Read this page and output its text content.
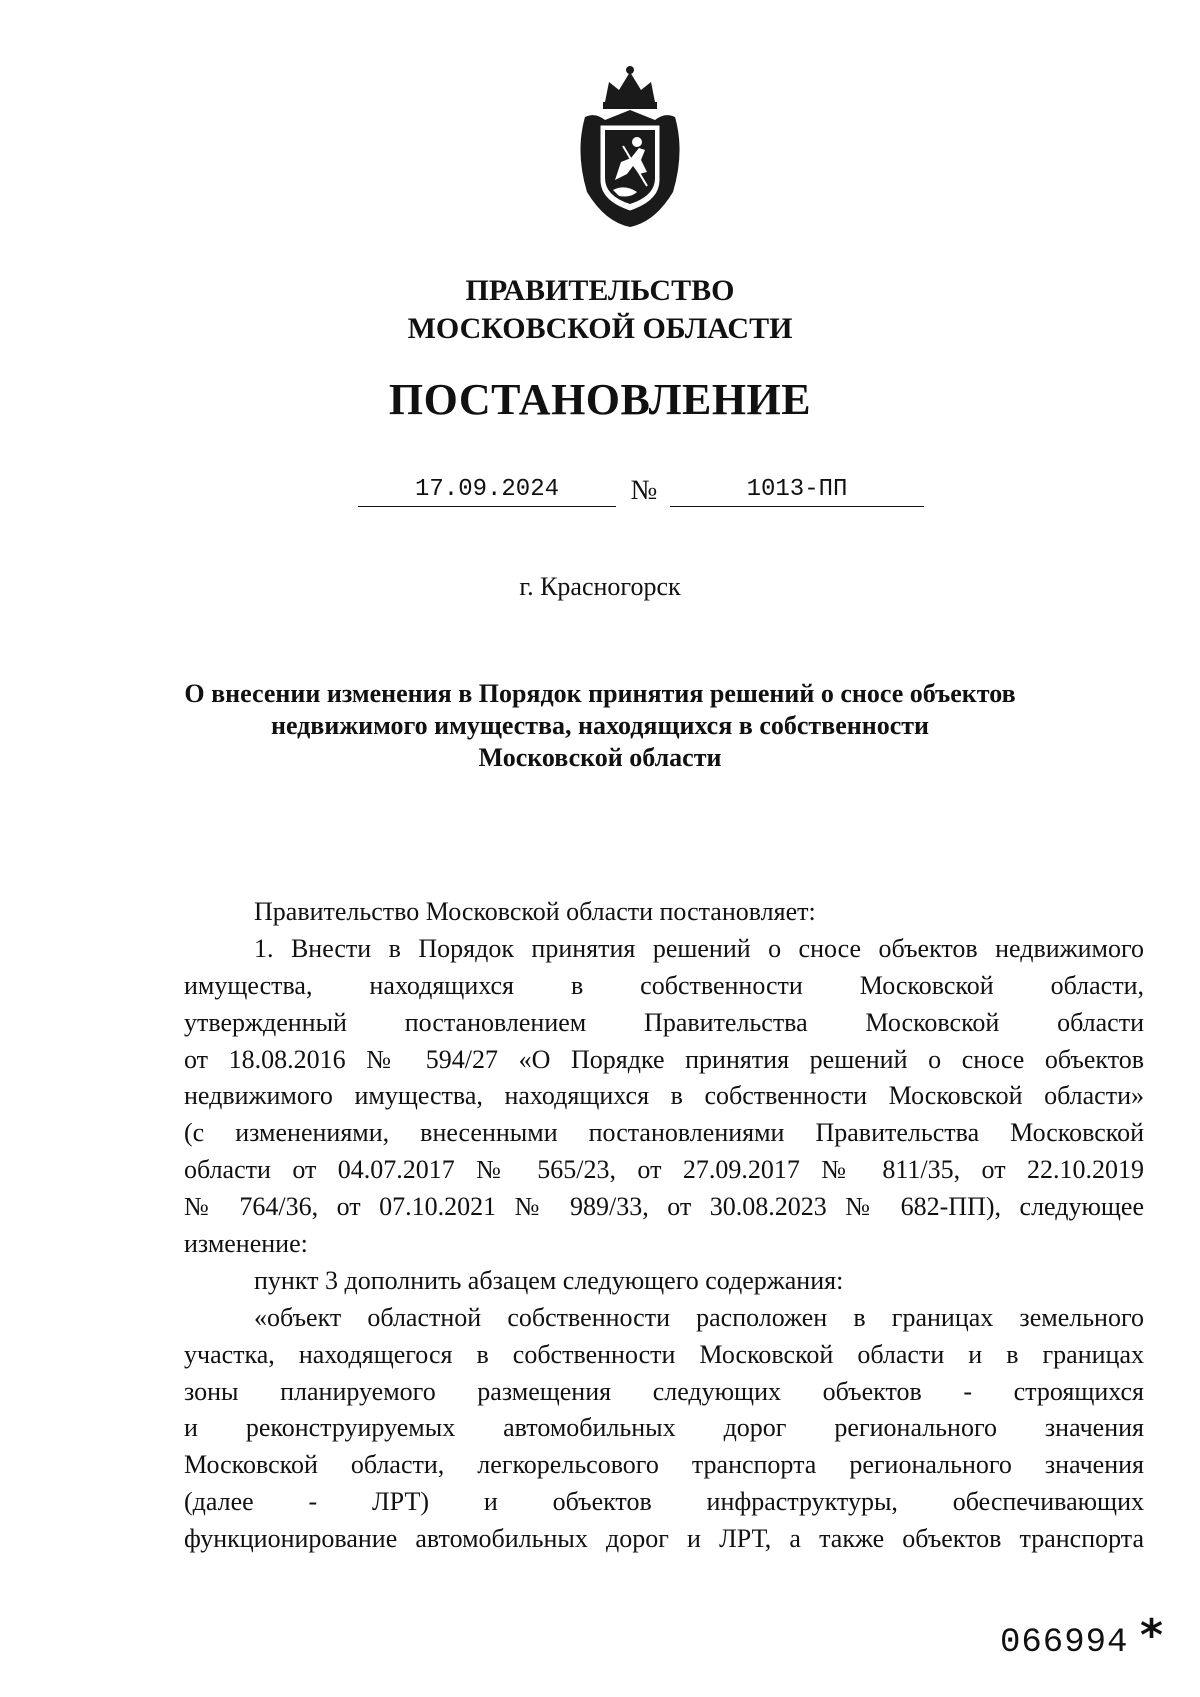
ПРАВИТЕЛЬСТВО
МОСКОВСКОЙ ОБЛАСТИ
ПОСТАНОВЛЕНИЕ
17.09.2024	№	1013-ПП
г. Красногорск
О внесении изменения в Порядок принятия решений о сносе объектов
недвижимого имущества, находящихся в собственности
Московской области
Правительство Московской области постановляет:
1. Внести в Порядок принятия решений о сносе объектов недвижимого
имущества, находящихся в собственности Московской области,
утвержденный постановлением Правительства Московской области
от 18.08.2016 № 594/27 «О Порядке принятия решений о сносе объектов
недвижимого имущества, находящихся в собственности Московской области»
(с изменениями, внесенными постановлениями Правительства Московской
области от 04.07.2017 № 565/23, от 27.09.2017 № 811/35, от 22.10.2019
№ 764/36, от 07.10.2021 № 989/33, от 30.08.2023 № 682-ПП), следующее
изменение:
пункт 3 дополнить абзацем следующего содержания:
«объект областной собственности расположен в границах земельного
участка, находящегося в собственности Московской области и в границах
зоны планируемого размещения следующих объектов - строящихся
и реконструируемых автомобильных дорог регионального значения
Московской области, легкорельсового транспорта регионального значения
(далее - ЛРТ) и объектов инфраструктуры, обеспечивающих
функционирование автомобильных дорог и ЛРТ, а также объектов транспорта
066994 *
